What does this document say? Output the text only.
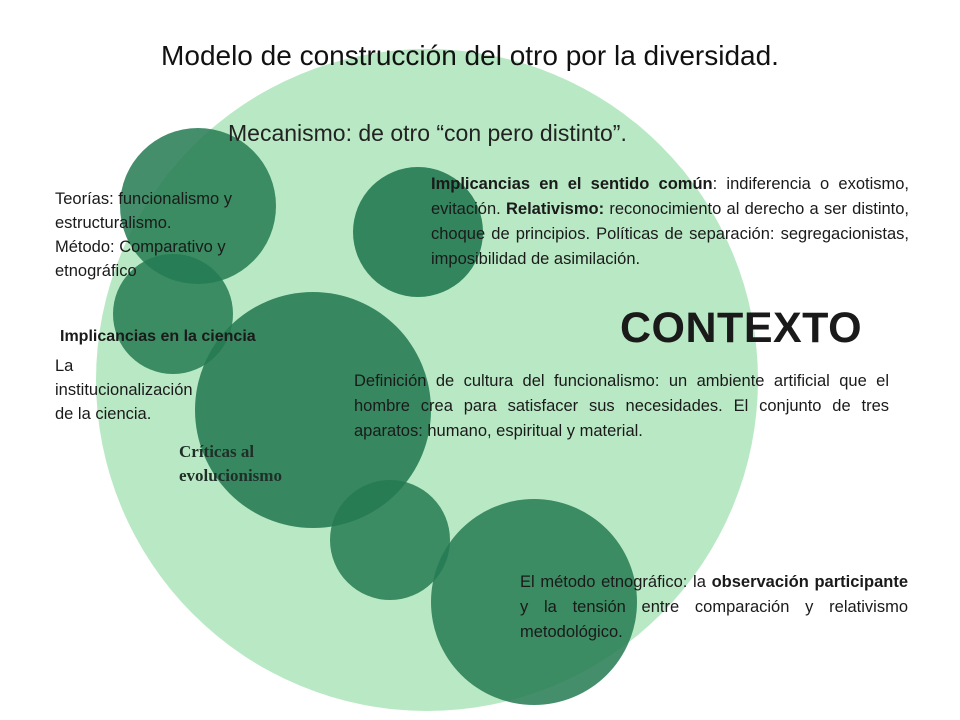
Modelo de construcción del otro por la diversidad.
Mecanismo: de otro “con pero distinto”.
Teorías: funcionalismo y
estructuralismo.
Método: Comparativo y
etnográfico
Implicancias en la ciencia
La
institucionalización
de la ciencia.
Críticas al
evolucionismo
Implicancias en el sentido común: indiferencia o exotismo, evitación. Relativismo: reconocimiento al derecho a ser distinto, choque de principios. Políticas de separación: segregacionistas, imposibilidad de asimilación.
CONTEXTO
Definición de cultura del funcionalismo: un ambiente artificial que el hombre crea para satisfacer sus necesidades. El conjunto de tres aparatos: humano, espiritual y material.
El método etnográfico: la observación participante y la tensión entre comparación y relativismo metodológico.
